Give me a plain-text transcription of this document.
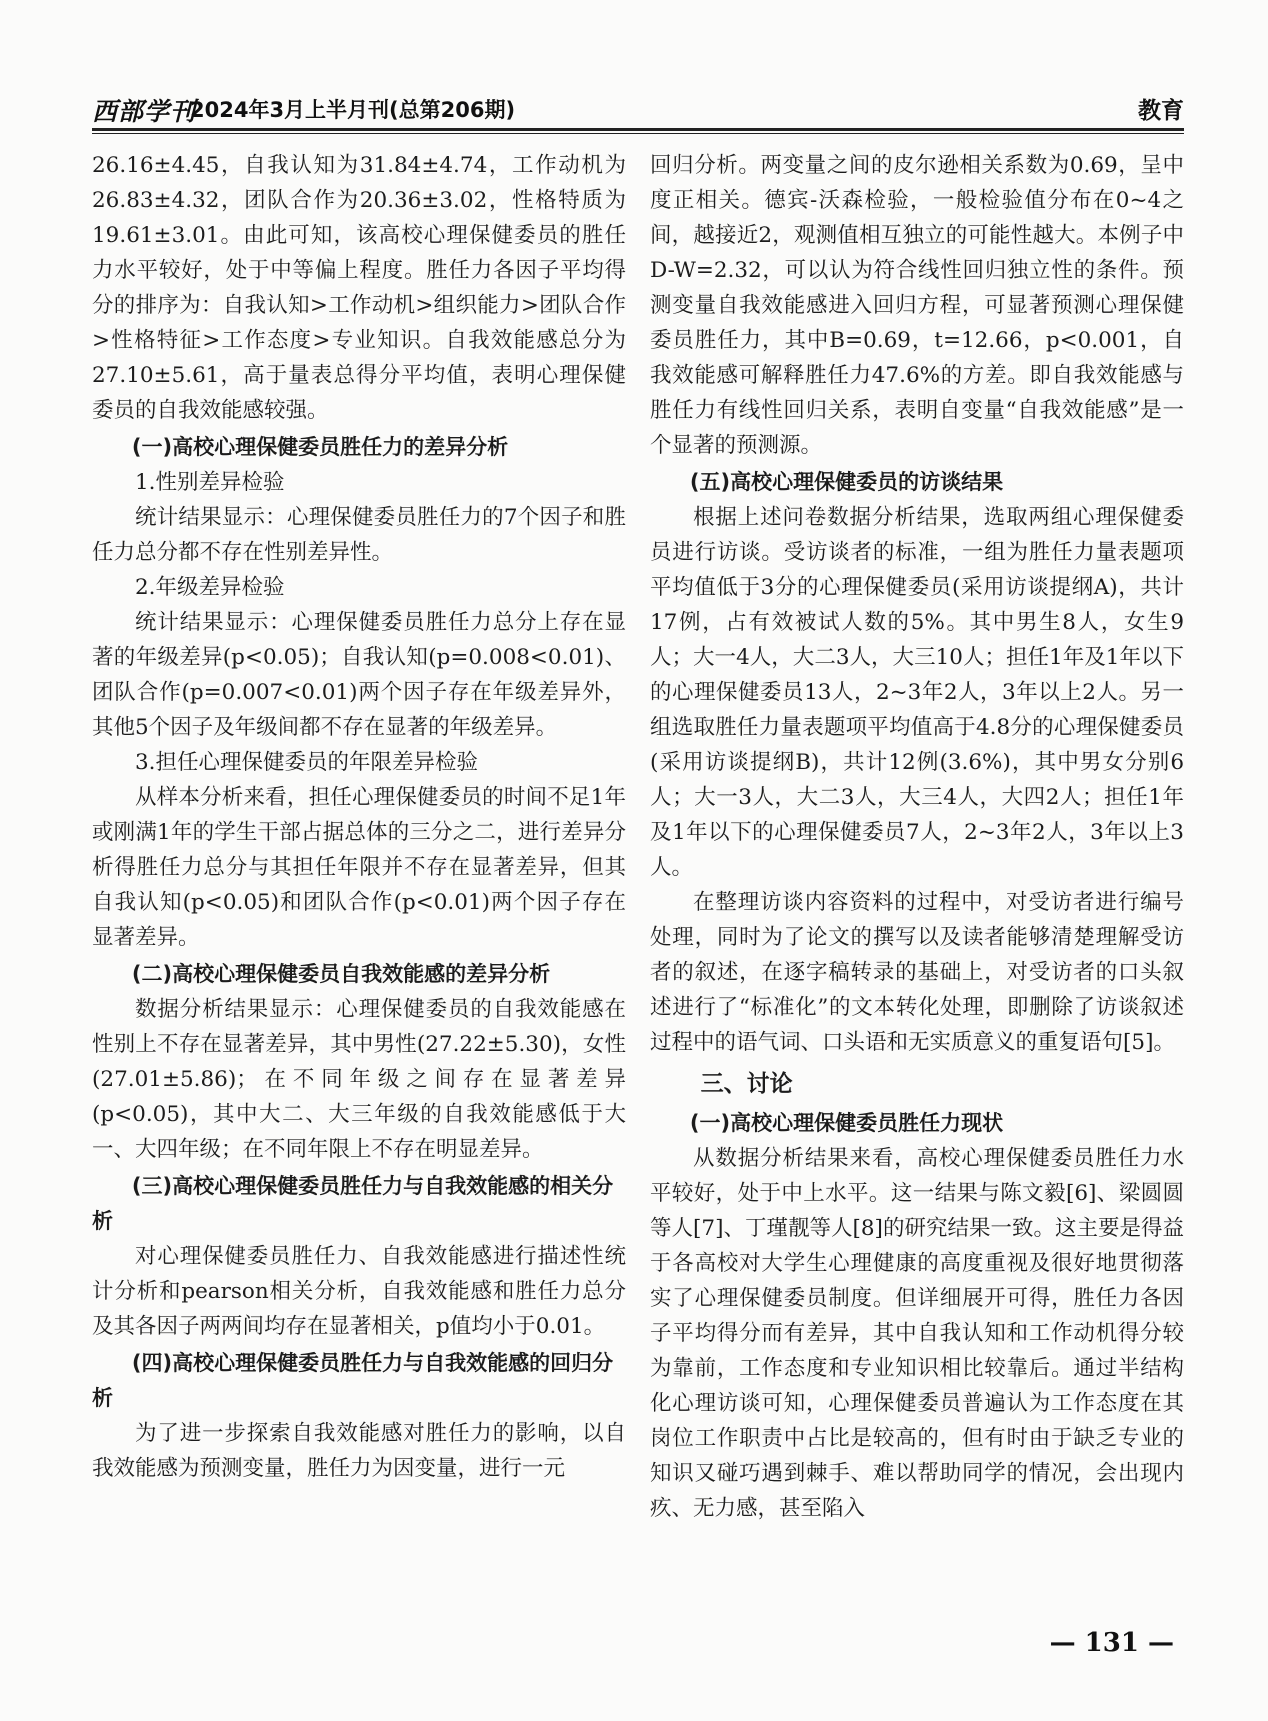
西部学刊
2024年3月上半月刊(总第206期)	教育

26.16±4.45，自我认知为31.84±4.74，工作动机为26.83±4.32，团队合作为20.36±3.02，性格特质为19.61±3.01。由此可知，该高校心理保健委员的胜任力水平较好，处于中等偏上程度。胜任力各因子平均得分的排序为：自我认知>工作动机>组织能力>团队合作>性格特征>工作态度>专业知识。自我效能感总分为27.10±5.61，高于量表总得分平均值，表明心理保健委员的自我效能感较强。

(一)高校心理保健委员胜任力的差异分析

1.性别差异检验

统计结果显示：心理保健委员胜任力的7个因子和胜任力总分都不存在性别差异性。

2.年级差异检验

统计结果显示：心理保健委员胜任力总分上存在显著的年级差异(p<0.05)；自我认知(p=0.008<0.01)、团队合作(p=0.007<0.01)两个因子存在年级差异外，其他5个因子及年级间都不存在显著的年级差异。

3.担任心理保健委员的年限差异检验

从样本分析来看，担任心理保健委员的时间不足1年或刚满1年的学生干部占据总体的三分之二，进行差异分析得胜任力总分与其担任年限并不存在显著差异，但其自我认知(p<0.05)和团队合作(p<0.01)两个因子存在显著差异。

(二)高校心理保健委员自我效能感的差异分析

数据分析结果显示：心理保健委员的自我效能感在性别上不存在显著差异，其中男性(27.22±5.30)，女性(27.01±5.86)；在不同年级之间存在显著差异(p<0.05)，其中大二、大三年级的自我效能感低于大一、大四年级；在不同年限上不存在明显差异。

(三)高校心理保健委员胜任力与自我效能感的相关分析

对心理保健委员胜任力、自我效能感进行描述性统计分析和pearson相关分析，自我效能感和胜任力总分及其各因子两两间均存在显著相关，p值均小于0.01。

(四)高校心理保健委员胜任力与自我效能感的回归分析

为了进一步探索自我效能感对胜任力的影响，以自我效能感为预测变量，胜任力为因变量，进行一元

回归分析。两变量之间的皮尔逊相关系数为0.69，呈中度正相关。德宾-沃森检验，一般检验值分布在0~4之间，越接近2，观测值相互独立的可能性越大。本例子中D-W=2.32，可以认为符合线性回归独立性的条件。预测变量自我效能感进入回归方程，可显著预测心理保健委员胜任力，其中B=0.69，t=12.66，p<0.001，自我效能感可解释胜任力47.6%的方差。即自我效能感与胜任力有线性回归关系，表明自变量“自我效能感”是一个显著的预测源。

(五)高校心理保健委员的访谈结果

根据上述问卷数据分析结果，选取两组心理保健委员进行访谈。受访谈者的标准，一组为胜任力量表题项平均值低于3分的心理保健委员(采用访谈提纲A)，共计17例，占有效被试人数的5%。其中男生8人，女生9人；大一4人，大二3人，大三10人；担任1年及1年以下的心理保健委员13人，2~3年2人，3年以上2人。另一组选取胜任力量表题项平均值高于4.8分的心理保健委员(采用访谈提纲B)，共计12例(3.6%)，其中男女分别6人；大一3人，大二3人，大三4人，大四2人；担任1年及1年以下的心理保健委员7人，2~3年2人，3年以上3人。

在整理访谈内容资料的过程中，对受访者进行编号处理，同时为了论文的撰写以及读者能够清楚理解受访者的叙述，在逐字稿转录的基础上，对受访者的口头叙述进行了“标准化”的文本转化处理，即删除了访谈叙述过程中的语气词、口头语和无实质意义的重复语句[5]。

三、讨论

(一)高校心理保健委员胜任力现状

从数据分析结果来看，高校心理保健委员胜任力水平较好，处于中上水平。这一结果与陈文毅[6]、梁圆圆等人[7]、丁瑾靓等人[8]的研究结果一致。这主要是得益于各高校对大学生心理健康的高度重视及很好地贯彻落实了心理保健委员制度。但详细展开可得，胜任力各因子平均得分而有差异，其中自我认知和工作动机得分较为靠前，工作态度和专业知识相比较靠后。通过半结构化心理访谈可知，心理保健委员普遍认为工作态度在其岗位工作职责中占比是较高的，但有时由于缺乏专业的知识又碰巧遇到棘手、难以帮助同学的情况，会出现内疚、无力感，甚至陷入

— 131 —
